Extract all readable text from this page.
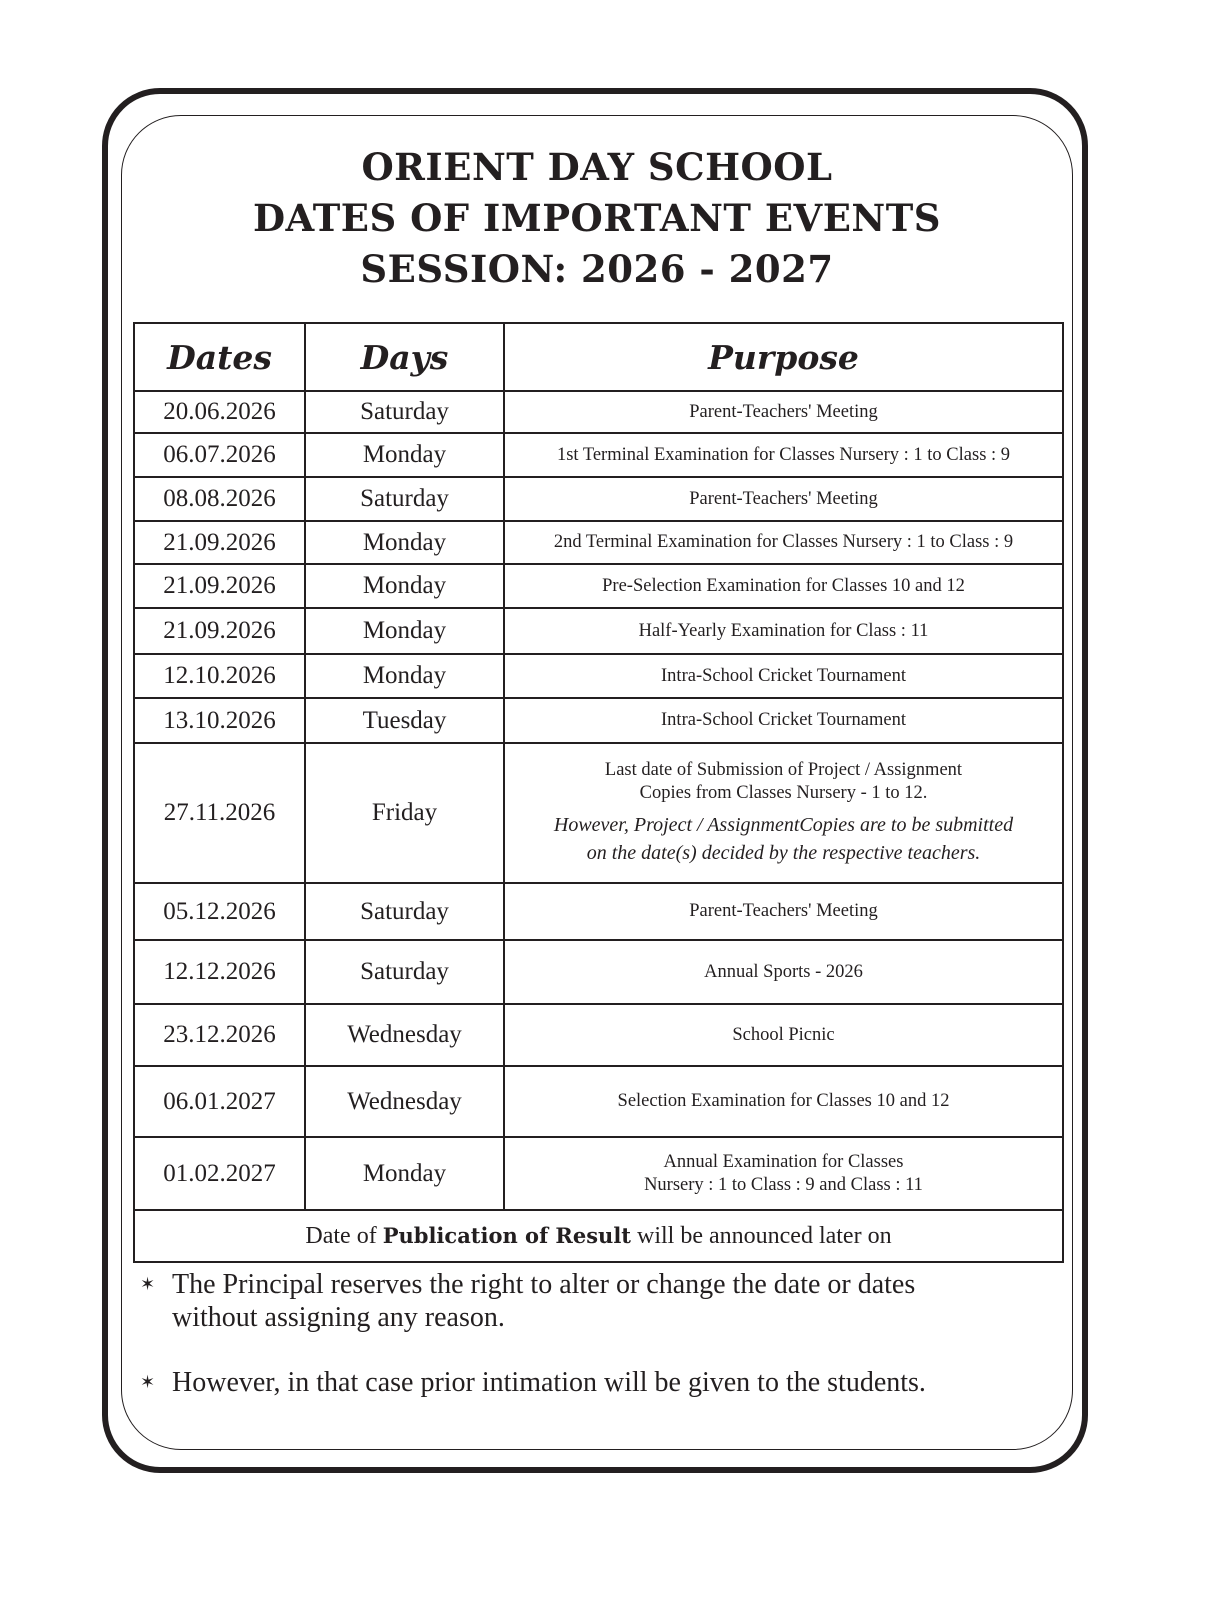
ORIENT DAY SCHOOL
DATES OF IMPORTANT EVENTS
SESSION: 2026 - 2027
Dates	Days	Purpose
20.06.2026	Saturday	Parent-Teachers' Meeting
06.07.2026	Monday	1st Terminal Examination for Classes Nursery : 1 to Class : 9
08.08.2026	Saturday	Parent-Teachers' Meeting
21.09.2026	Monday	2nd Terminal Examination for Classes Nursery : 1 to Class : 9
21.09.2026	Monday	Pre-Selection Examination for Classes 10 and 12
21.09.2026	Monday	Half-Yearly Examination for Class : 11
12.10.2026	Monday	Intra-School Cricket Tournament
13.10.2026	Tuesday	Intra-School Cricket Tournament
27.11.2026	Friday	Last date of Submission of Project / Assignment
Copies from Classes Nursery - 1 to 12.
However, Project / AssignmentCopies are to be submitted
on the date(s) decided by the respective teachers.

05.12.2026	Saturday	Parent-Teachers' Meeting
12.12.2026	Saturday	Annual Sports - 2026
23.12.2026	Wednesday	School Picnic
06.01.2027	Wednesday	Selection Examination for Classes 10 and 12
01.02.2027	Monday	Annual Examination for Classes
Nursery : 1 to Class : 9 and Class : 11

Date of Publication of Result will be announced later on		
✶ The Principal reserves the right to alter or change the date or dates
without assigning any reason.
✶ However, in that case prior intimation will be given to the students.
